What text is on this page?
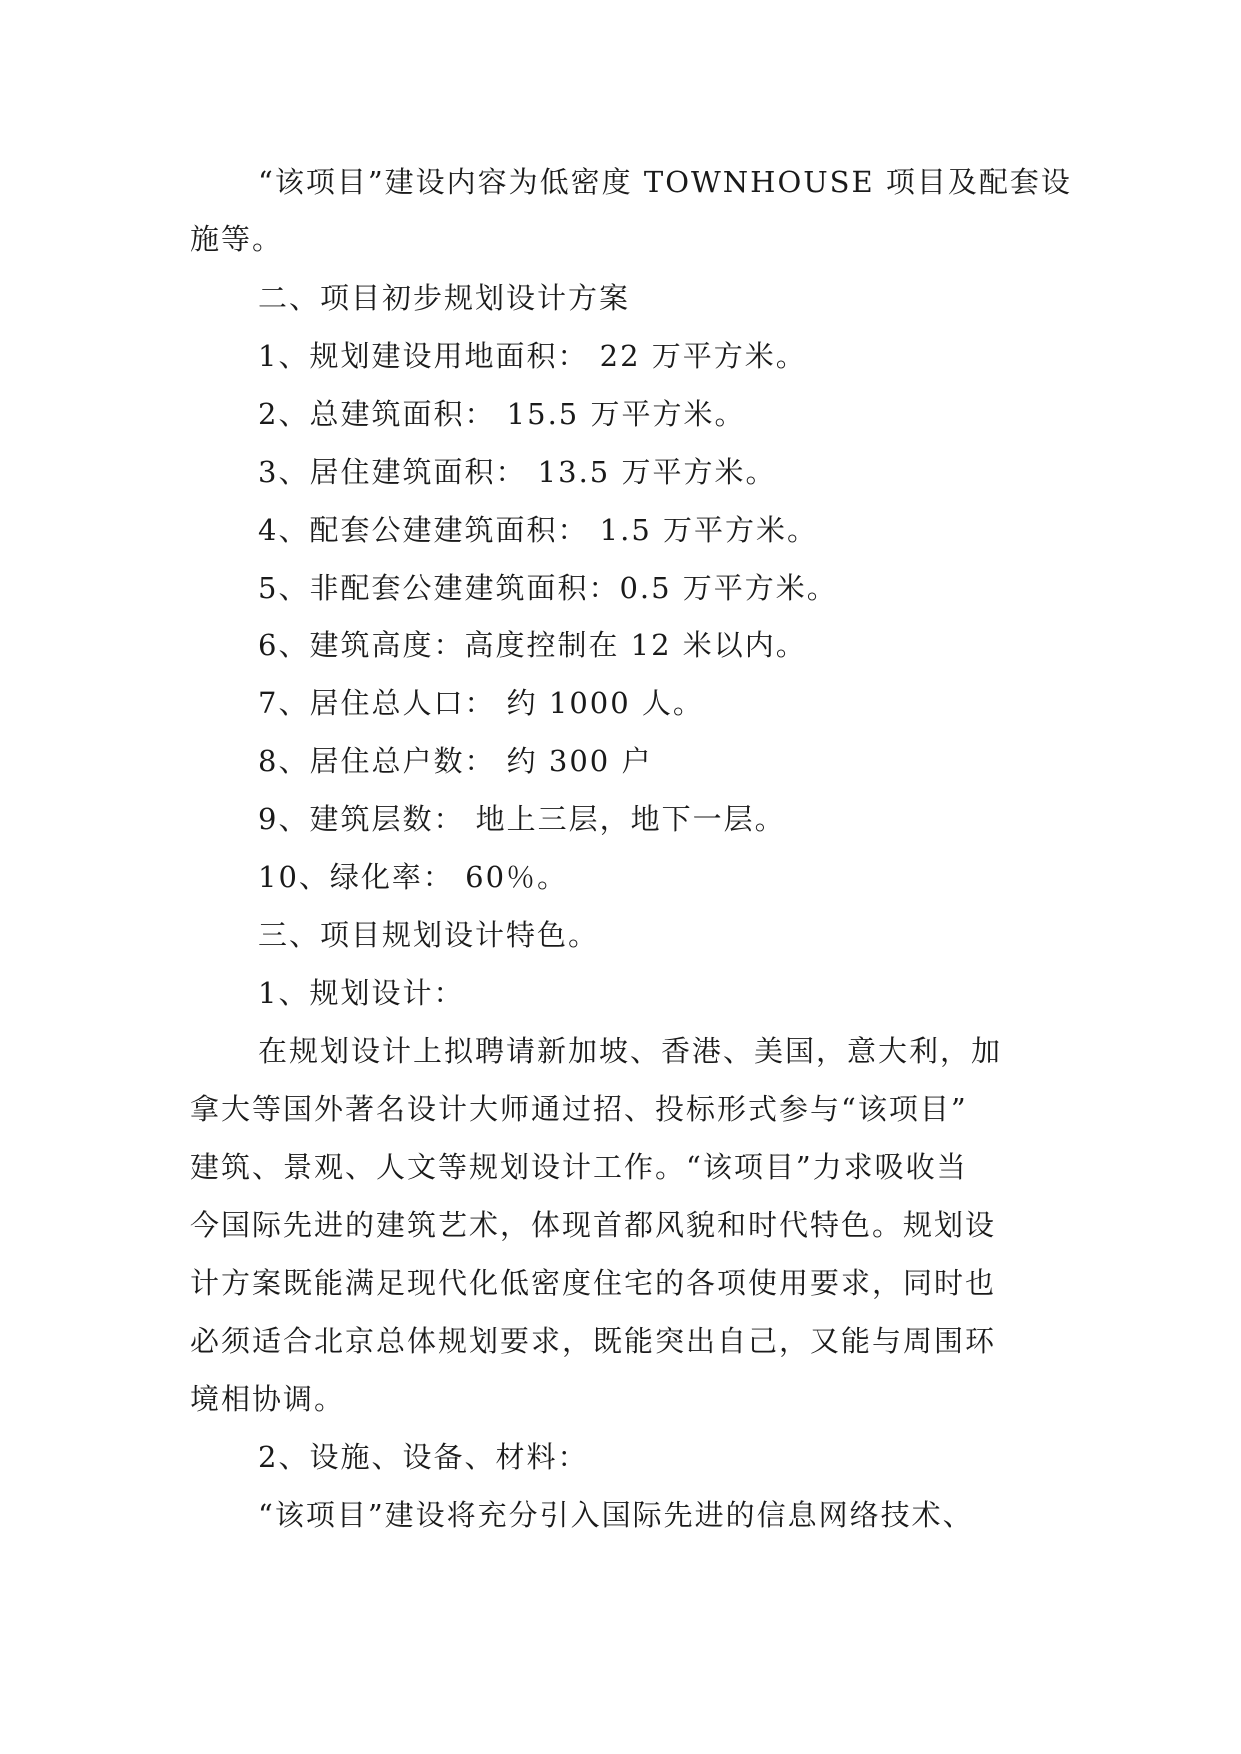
“该项目”建设内容为低密度 TOWNHOUSE 项目及配套设
施等。
二、项目初步规划设计方案
1、规划建设用地面积： 22 万平方米。
2、总建筑面积： 15.5 万平方米。
3、居住建筑面积： 13.5 万平方米。
4、配套公建建筑面积： 1.5 万平方米。
5、非配套公建建筑面积：0.5 万平方米。
6、建筑高度：高度控制在 12 米以内。
7、居住总人口： 约 1000 人。
8、居住总户数： 约 300 户
9、建筑层数： 地上三层，地下一层。
10、绿化率： 60％。
三、项目规划设计特色。
1、规划设计：
在规划设计上拟聘请新加坡、香港、美国，意大利，加
拿大等国外著名设计大师通过招、投标形式参与“该项目”
建筑、景观、人文等规划设计工作。“该项目”力求吸收当
今国际先进的建筑艺术，体现首都风貌和时代特色。规划设
计方案既能满足现代化低密度住宅的各项使用要求，同时也
必须适合北京总体规划要求，既能突出自己，又能与周围环
境相协调。
2、设施、设备、材料：
“该项目”建设将充分引入国际先进的信息网络技术、
